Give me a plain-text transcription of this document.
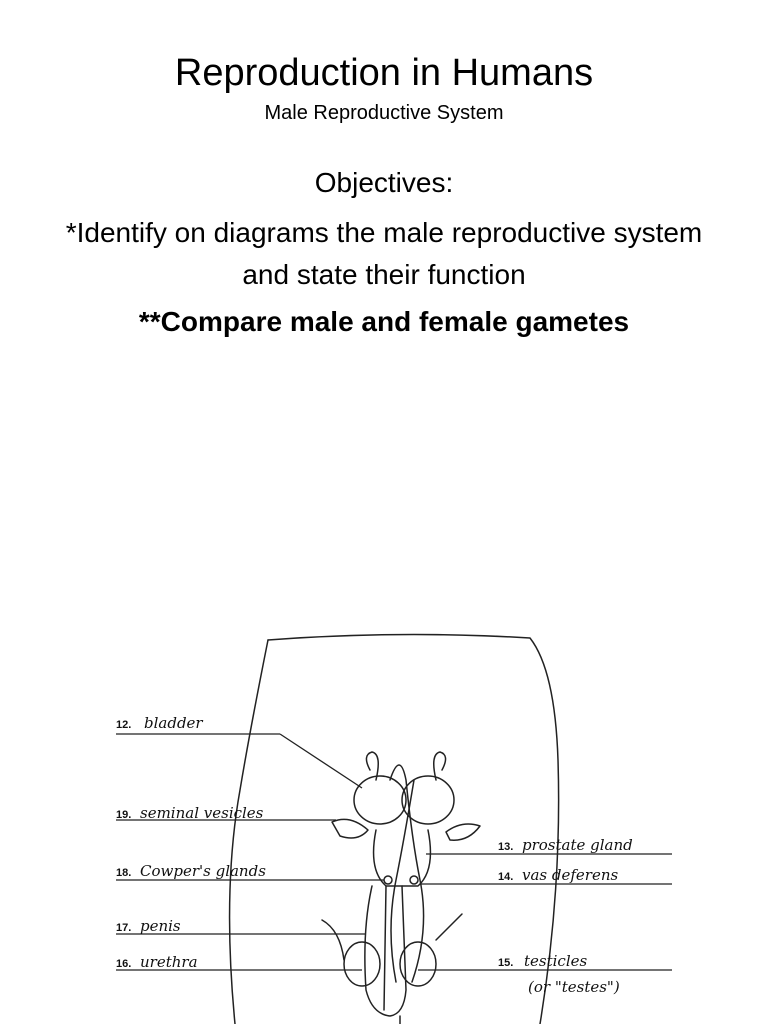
Reproduction in Humans
Male Reproductive System
Objectives:
*Identify on diagrams the male reproductive system and state their function
**Compare male and female gametes
12. bladder
19. seminal vesicles
18. Cowper's glands
17. penis
16. urethra
13. prostate gland
14. vas deferens
15. testicles
(or "testes")
